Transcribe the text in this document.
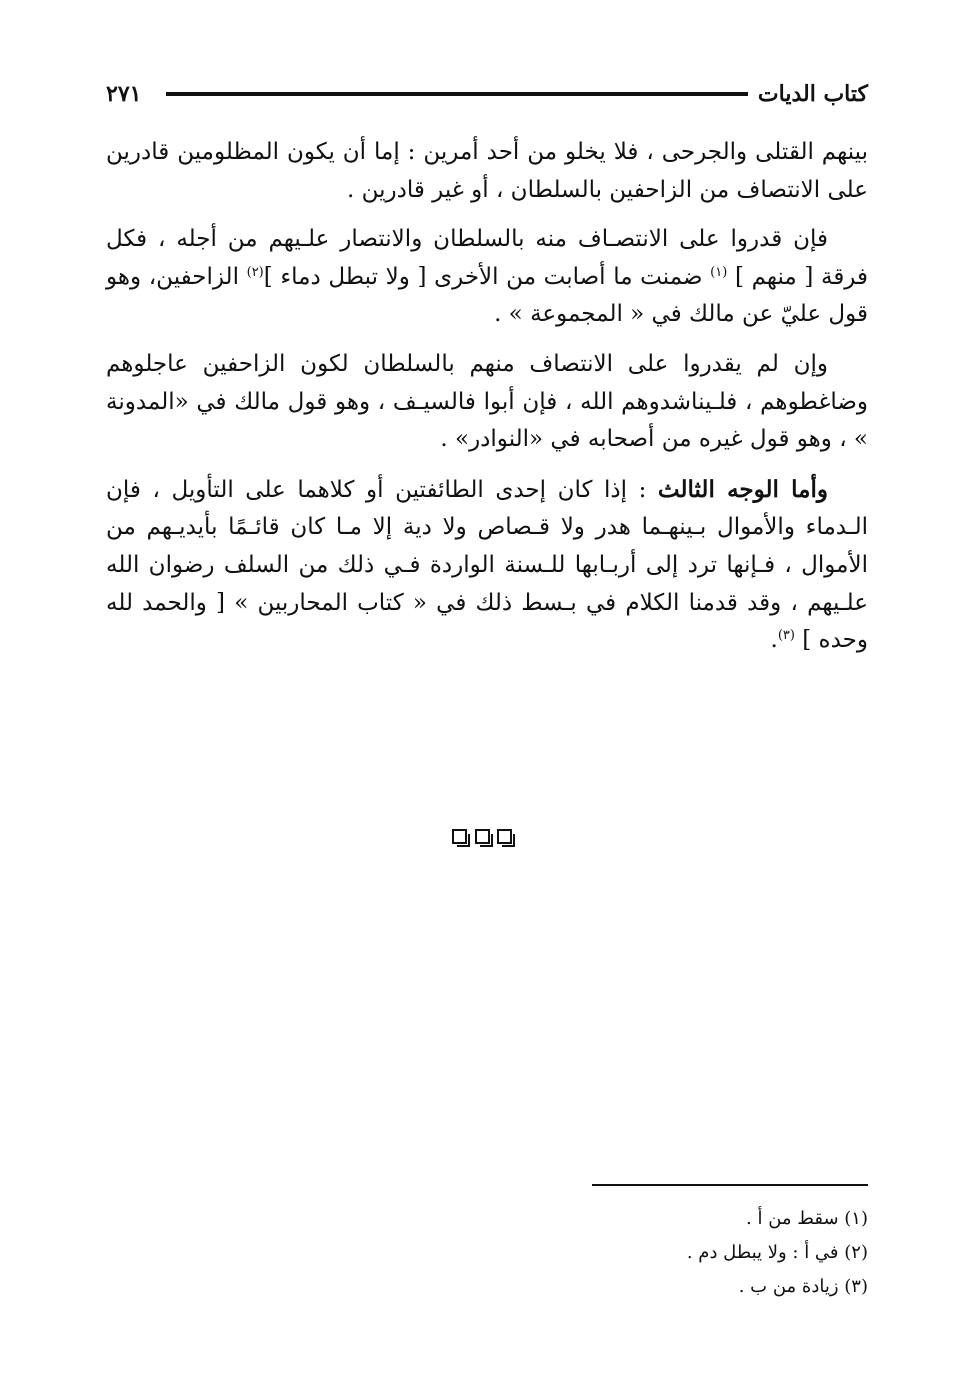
كتاب الديات
٢٧١

بينهم القتلى والجرحى ، فلا يخلو من أحد أمرين : إما أن يكون المظلومين قادرين على الانتصاف من الزاحفين بالسلطان ، أو غير قادرين .

فإن قدروا على الانتصـاف منه بالسلطان والانتصار علـيهم من أجله ، فكل فرقة [ منهم ] $^{(١)}$ ضمنت ما أصابت من الأخرى [ ولا تبطل دماء ]$^{(٢)}$ الزاحفين، وهو قول عليّ عن مالك في « المجموعة » .

وإن لم يقدروا على الانتصاف منهم بالسلطان لكون الزاحفين عاجلوهم وضاغطوهم ، فلـيناشدوهم الله ، فإن أبوا فالسيـف ، وهو قول مالك في «المدونة » ، وهو قول غيره من أصحابه في «النوادر» .

وأما الوجه الثالث : إذا كان إحدى الطائفتين أو كلاهما على التأويل ، فإن الـدماء والأموال بـينهـما هدر ولا قـصاص ولا دية إلا مـا كان قائـمًا بأيديـهم من الأموال ، فـإنها ترد إلى أربـابها للـسنة الواردة فـي ذلك من السلف رضوان الله علـيهم ، وقد قدمنا الكلام في بـسط ذلك في « كتاب المحاربين » [ والحمد لله وحده ] $^{(٣)}$.

(١) سقط من أ .
(٢) في أ : ولا يبطل دم .
(٣) زيادة من ب .
